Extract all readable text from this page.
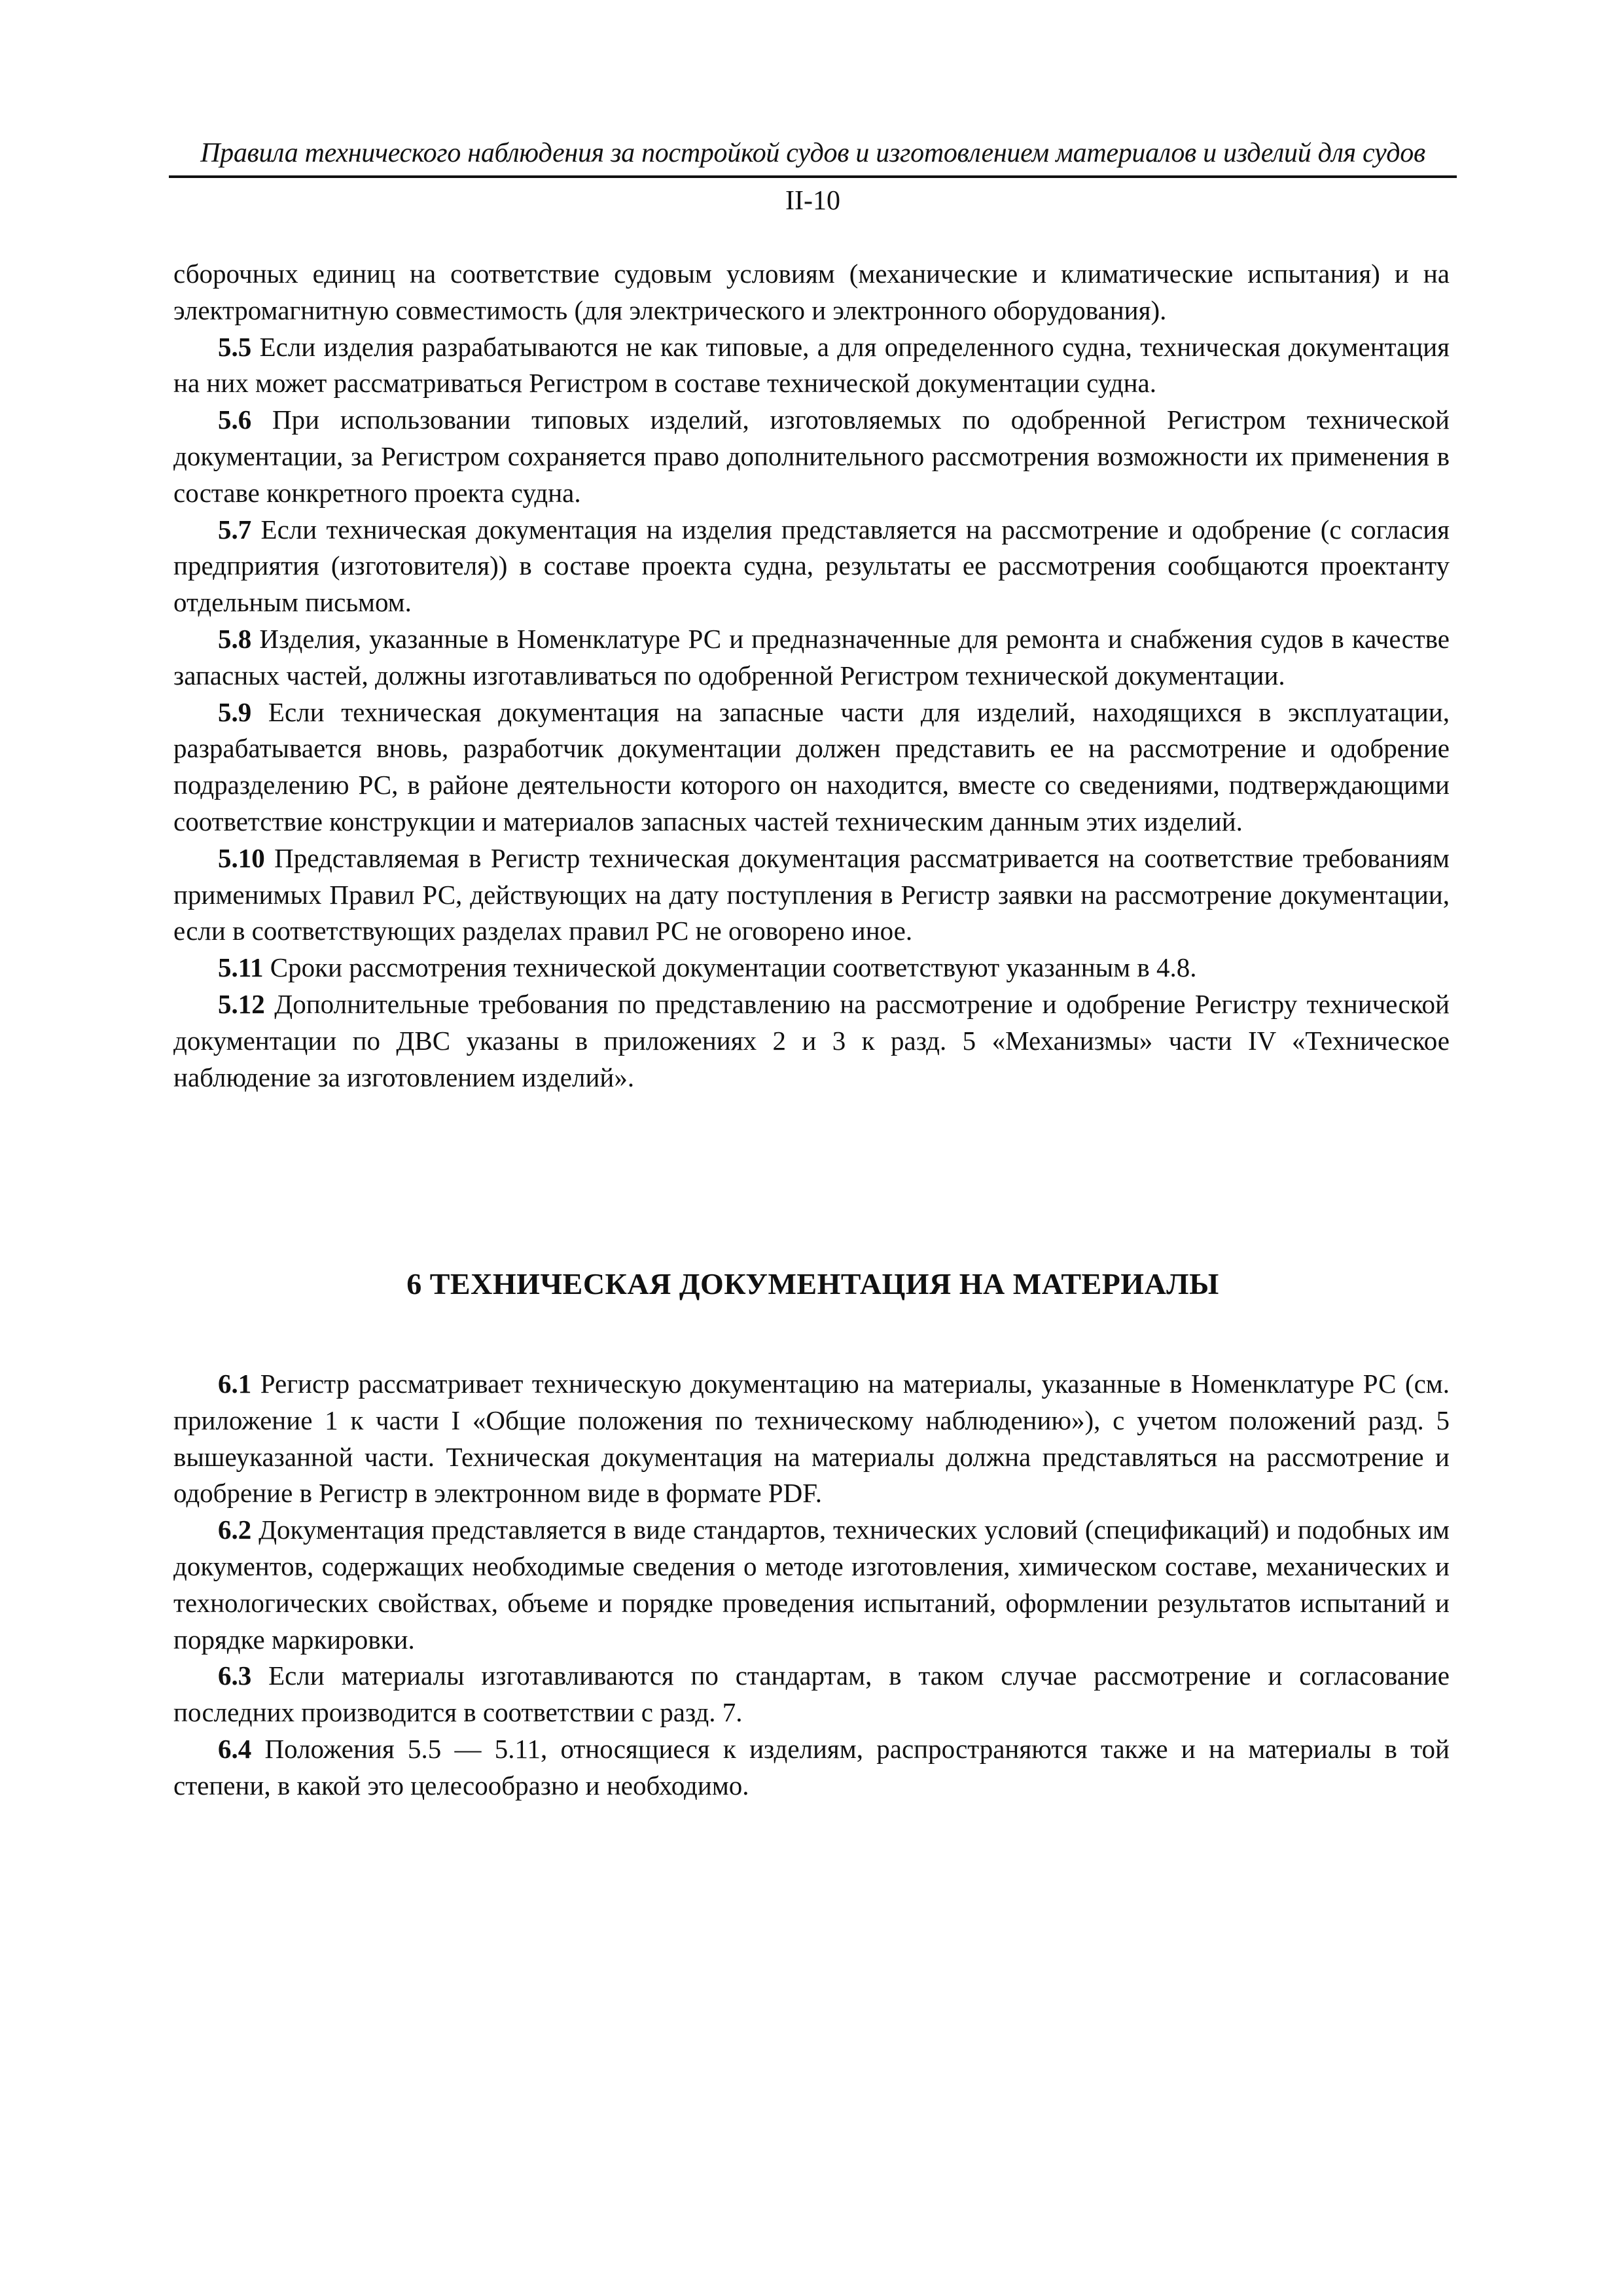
Правила технического наблюдения за постройкой судов и изготовлением материалов и изделий для судов
II-10

сборочных единиц на соответствие судовым условиям (механические и климатические испытания) и на электромагнитную совместимость (для электрического и электронного оборудования).

5.5 Если изделия разрабатываются не как типовые, а для определенного судна, техническая документация на них может рассматриваться Регистром в составе технической документации судна.

5.6 При использовании типовых изделий, изготовляемых по одобренной Регистром технической документации, за Регистром сохраняется право дополнительного рассмотрения возможности их применения в составе конкретного проекта судна.

5.7 Если техническая документация на изделия представляется на рассмотрение и одобрение (с согласия предприятия (изготовителя)) в составе проекта судна, результаты ее рассмотрения сообщаются проектанту отдельным письмом.

5.8 Изделия, указанные в Номенклатуре РС и предназначенные для ремонта и снабжения судов в качестве запасных частей, должны изготавливаться по одобренной Регистром технической документации.

5.9 Если техническая документация на запасные части для изделий, находящихся в эксплуатации, разрабатывается вновь, разработчик документации должен представить ее на рассмотрение и одобрение подразделению РС, в районе деятельности которого он находится, вместе со сведениями, подтверждающими соответствие конструкции и материалов запасных частей техническим данным этих изделий.

5.10 Представляемая в Регистр техническая документация рассматривается на соответствие требованиям применимых Правил РС, действующих на дату поступления в Регистр заявки на рассмотрение документации, если в соответствующих разделах правил РС не оговорено иное.

5.11 Сроки рассмотрения технической документации соответствуют указанным в 4.8.

5.12 Дополнительные требования по представлению на рассмотрение и одобрение Регистру технической документации по ДВС указаны в приложениях 2 и 3 к разд. 5 «Механизмы» части IV «Техническое наблюдение за изготовлением изделий».

6 ТЕХНИЧЕСКАЯ ДОКУМЕНТАЦИЯ НА МАТЕРИАЛЫ

6.1 Регистр рассматривает техническую документацию на материалы, указанные в Номенклатуре РС (см. приложение 1 к части I «Общие положения по техническому наблюдению»), с учетом положений разд. 5 вышеуказанной части. Техническая документация на материалы должна представляться на рассмотрение и одобрение в Регистр в электронном виде в формате PDF.

6.2 Документация представляется в виде стандартов, технических условий (спецификаций) и подобных им документов, содержащих необходимые сведения о методе изготовления, химическом составе, механических и технологических свойствах, объеме и порядке проведения испытаний, оформлении результатов испытаний и порядке маркировки.

6.3 Если материалы изготавливаются по стандартам, в таком случае рассмотрение и согласование последних производится в соответствии с разд. 7.

6.4 Положения 5.5 — 5.11, относящиеся к изделиям, распространяются также и на материалы в той степени, в какой это целесообразно и необходимо.
